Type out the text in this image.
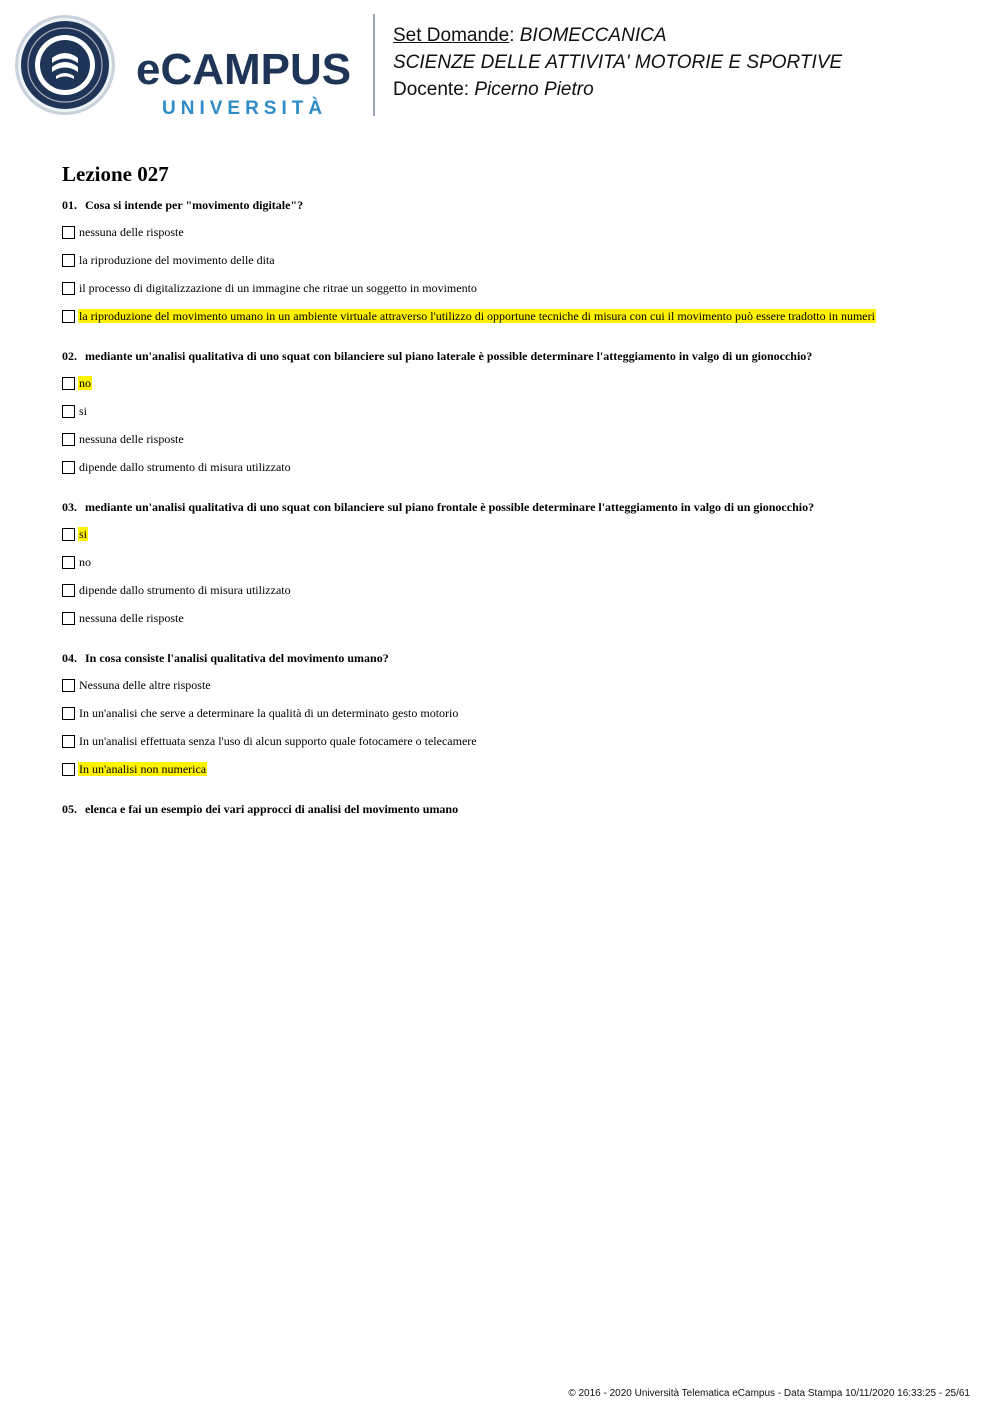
eCAMPUS
UNIVERSITÀ
Set Domande: BIOMECCANICA
SCIENZE DELLE ATTIVITA' MOTORIE E SPORTIVE
Docente: Picerno Pietro
Lezione 027
01. Cosa si intende per "movimento digitale"?
nessuna delle risposte
la riproduzione del movimento delle dita
il processo di digitalizzazione di un immagine che ritrae un soggetto in movimento
la riproduzione del movimento umano in un ambiente virtuale attraverso l'utilizzo di opportune tecniche di misura con cui il movimento può essere tradotto in numeri
02. mediante un'analisi qualitativa di uno squat con bilanciere sul piano laterale è possible determinare l'atteggiamento in valgo di un gionocchio?
no
si
nessuna delle risposte
dipende dallo strumento di misura utilizzato
03. mediante un'analisi qualitativa di uno squat con bilanciere sul piano frontale è possible determinare l'atteggiamento in valgo di un gionocchio?
si
no
dipende dallo strumento di misura utilizzato
nessuna delle risposte
04. In cosa consiste l'analisi qualitativa del movimento umano?
Nessuna delle altre risposte
In un'analisi che serve a determinare la qualità di un determinato gesto motorio
In un'analisi effettuata senza l'uso di alcun supporto quale fotocamere o telecamere
In un'analisi non numerica
05. elenca e fai un esempio dei vari approcci di analisi del movimento umano
© 2016 - 2020 Università Telematica eCampus - Data Stampa 10/11/2020 16:33:25 - 25/61
